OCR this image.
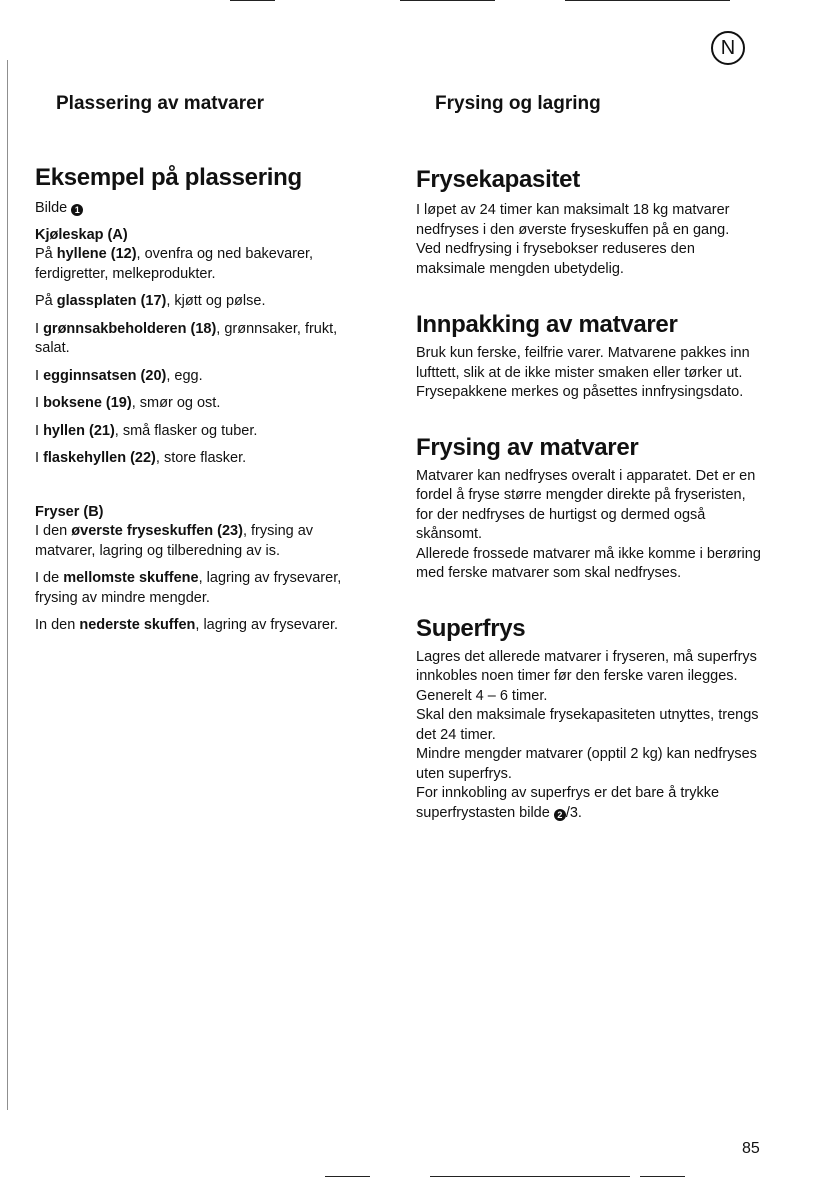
N
Plassering av matvarer
Eksempel på plassering

Bilde 1

Kjøleskap (A)

På hyllene (12), ovenfra og ned bakevarer, ferdigretter, melkeprodukter.

På glassplaten (17), kjøtt og pølse.

I grønnsakbeholderen (18), grønnsaker, frukt, salat.

I egginnsatsen (20), egg.

I boksene (19), smør og ost.

I hyllen (21), små flasker og tuber.

I flaskehyllen (22), store flasker.

Fryser (B)

I den øverste fryseskuffen (23), frysing av matvarer, lagring og tilberedning av is.

I de mellomste skuffene, lagring av frysevarer, frysing av mindre mengder.

In den nederste skuffen, lagring av frysevarer.

Frysing og lagring
Frysekapasitet

I løpet av 24 timer kan maksimalt 18 kg matvarer nedfryses i den øverste fryseskuffen på en gang.

Ved nedfrysing i frysebokser reduseres den maksimale mengden ubetydelig.

Innpakking av matvarer

Bruk kun ferske, feilfrie varer. Matvarene pakkes inn lufttett, slik at de ikke mister smaken eller tørker ut.

Frysepakkene merkes og påsettes innfrysingsdato.

Frysing av matvarer

Matvarer kan nedfryses overalt i apparatet. Det er en fordel å fryse større mengder direkte på fryseristen, for der nedfryses de hurtigst og dermed også skånsomt.

Allerede frossede matvarer må ikke komme i berøring med ferske matvarer som skal nedfryses.

Superfrys

Lagres det allerede matvarer i fryseren, må superfrys innkobles noen timer før den ferske varen ilegges. Generelt 4 – 6 timer.

Skal den maksimale frysekapasiteten utnyttes, trengs det 24 timer.

Mindre mengder matvarer (opptil 2 kg) kan nedfryses uten superfrys.

For innkobling av superfrys er det bare å trykke superfrystasten bilde 2 /3.

85
